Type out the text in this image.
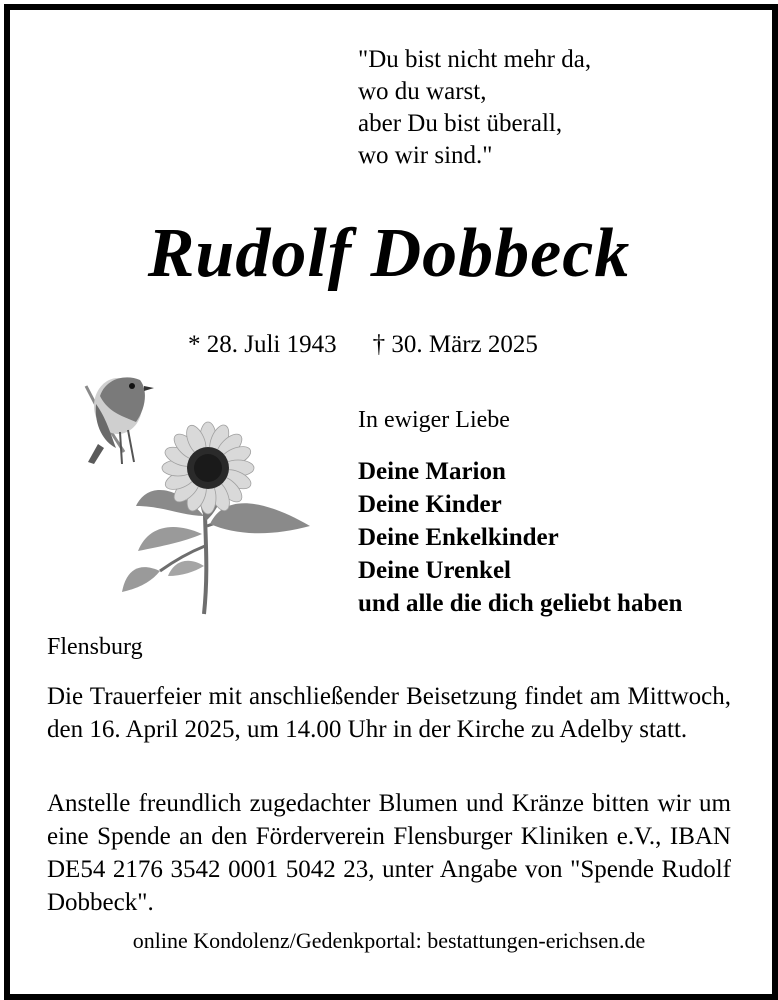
"Du bist nicht mehr da,
wo du warst,
aber Du bist überall,
wo wir sind."
Rudolf Dobbeck
* 28. Juli 1943 † 30. März 2025
In ewiger Liebe
Deine Marion
Deine Kinder
Deine Enkelkinder
Deine Urenkel
und alle die dich geliebt haben
Flensburg
Die Trauerfeier mit anschließender Beisetzung findet am Mittwoch, den 16. April 2025, um 14.00 Uhr in der Kirche zu Adelby statt.
Anstelle freundlich zugedachter Blumen und Kränze bitten wir um eine Spende an den Förderverein Flensburger Kliniken e.V., IBAN DE54 2176 3542 0001 5042 23, unter Angabe von "Spende Rudolf Dobbeck".
online Kondolenz/Gedenkportal: bestattungen-erichsen.de
